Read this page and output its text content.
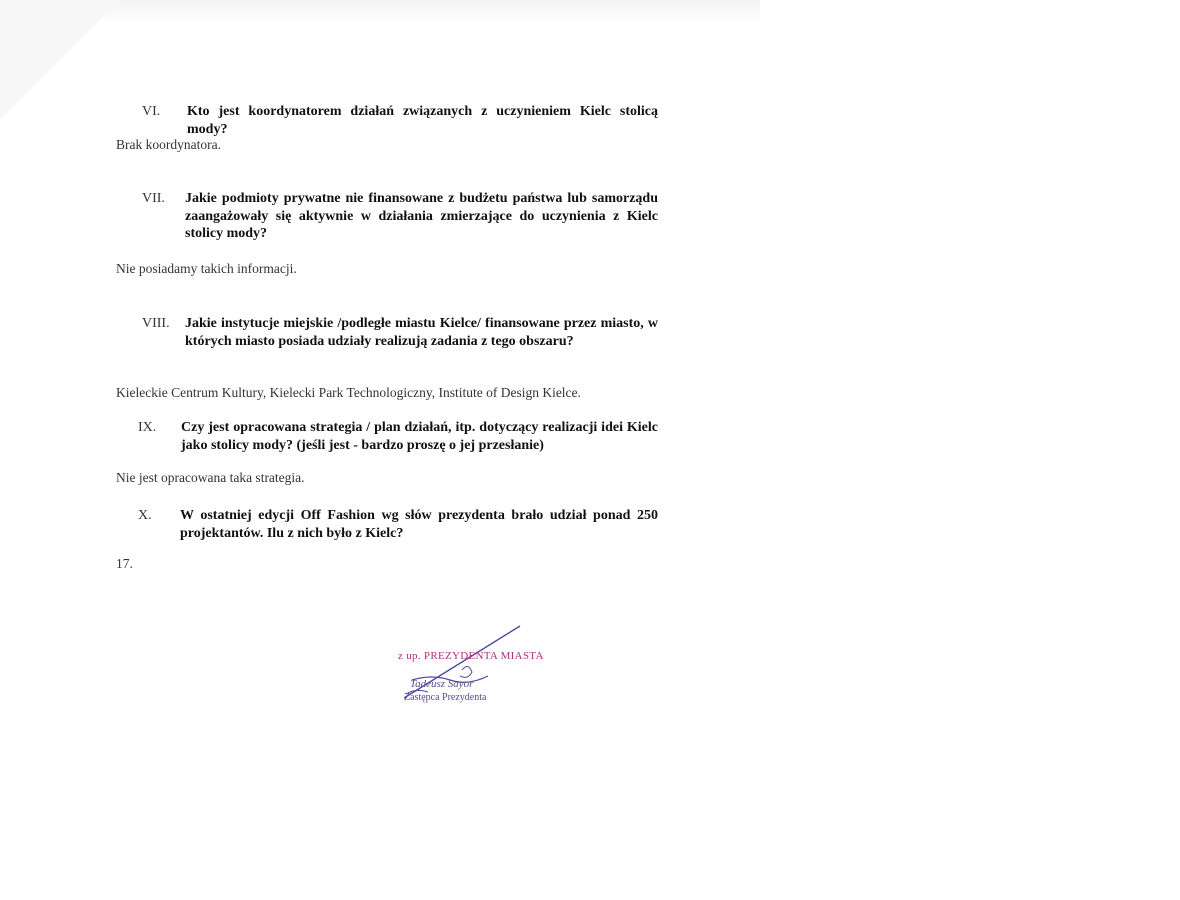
VI. Kto jest koordynatorem działań związanych z uczynieniem Kielc stolicą mody?
Brak koordynatora.
VII. Jakie podmioty prywatne nie finansowane z budżetu państwa lub samorządu zaangażowały się aktywnie w działania zmierzające do uczynienia z Kielc stolicy mody?
Nie posiadamy takich informacji.
VIII. Jakie instytucje miejskie /podległe miastu Kielce/ finansowane przez miasto, w których miasto posiada udziały realizują zadania z tego obszaru?
Kieleckie Centrum Kultury, Kielecki Park Technologiczny, Institute of Design Kielce.
IX. Czy jest opracowana strategia / plan działań, itp. dotyczący realizacji idei Kielc jako stolicy mody? (jeśli jest - bardzo proszę o jej przesłanie)
Nie jest opracowana taka strategia.
X. W ostatniej edycji Off Fashion wg słów prezydenta brało udział ponad 250 projektantów. Ilu z nich było z Kielc?
17.
z up. PREZYDENTA MIASTA
Tadeusz Sayor
Zastępca Prezydenta
